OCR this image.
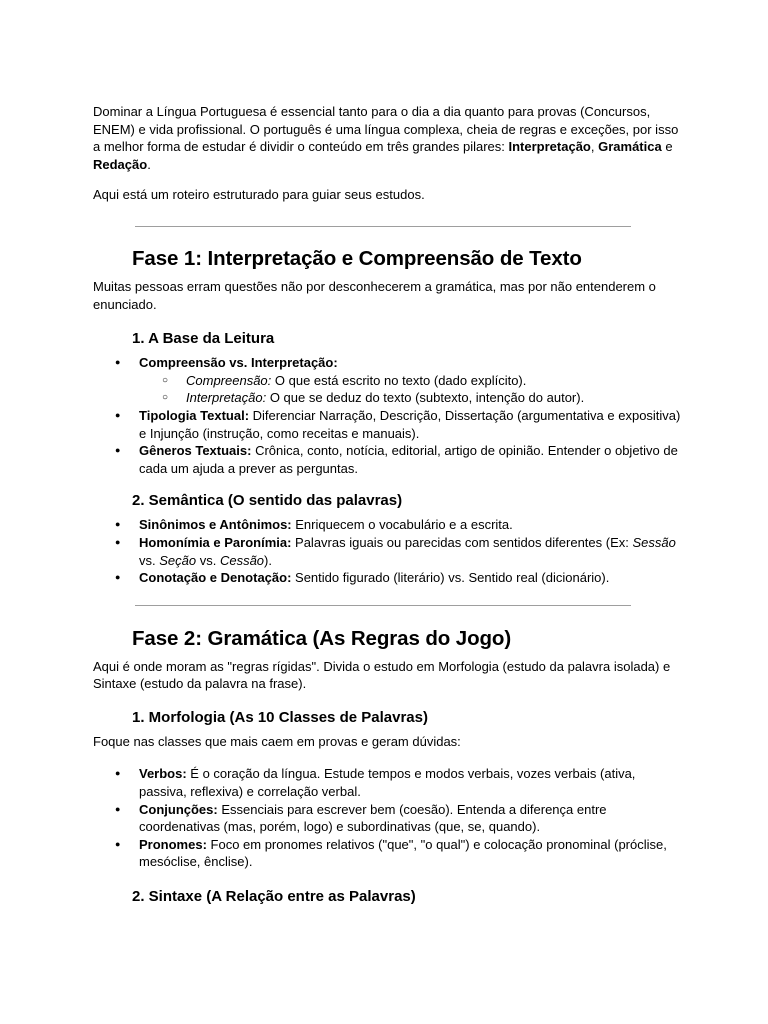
Dominar a Língua Portuguesa é essencial tanto para o dia a dia quanto para provas (Concursos, ENEM) e vida profissional. O português é uma língua complexa, cheia de regras e exceções, por isso a melhor forma de estudar é dividir o conteúdo em três grandes pilares: Interpretação, Gramática e Redação.

Aqui está um roteiro estruturado para guiar seus estudos.

Fase 1: Interpretação e Compreensão de Texto

Muitas pessoas erram questões não por desconhecerem a gramática, mas por não entenderem o enunciado.

1. A Base da Leitura
● Compreensão vs. Interpretação:
○ Compreensão: O que está escrito no texto (dado explícito).
○ Interpretação: O que se deduz do texto (subtexto, intenção do autor).
● Tipologia Textual: Diferenciar Narração, Descrição, Dissertação (argumentativa e expositiva) e Injunção (instrução, como receitas e manuais).
● Gêneros Textuais: Crônica, conto, notícia, editorial, artigo de opinião. Entender o objetivo de cada um ajuda a prever as perguntas.
2. Semântica (O sentido das palavras)
● Sinônimos e Antônimos: Enriquecem o vocabulário e a escrita.
● Homonímia e Paronímia: Palavras iguais ou parecidas com sentidos diferentes (Ex: Sessão vs. Seção vs. Cessão).
● Conotação e Denotação: Sentido figurado (literário) vs. Sentido real (dicionário).
Fase 2: Gramática (As Regras do Jogo)

Aqui é onde moram as "regras rígidas". Divida o estudo em Morfologia (estudo da palavra isolada) e Sintaxe (estudo da palavra na frase).

1. Morfologia (As 10 Classes de Palavras)

Foque nas classes que mais caem em provas e geram dúvidas:

● Verbos: É o coração da língua. Estude tempos e modos verbais, vozes verbais (ativa, passiva, reflexiva) e correlação verbal.
● Conjunções: Essenciais para escrever bem (coesão). Entenda a diferença entre coordenativas (mas, porém, logo) e subordinativas (que, se, quando).
● Pronomes: Foco em pronomes relativos ("que", "o qual") e colocação pronominal (próclise, mesóclise, ênclise).
2. Sintaxe (A Relação entre as Palavras)
